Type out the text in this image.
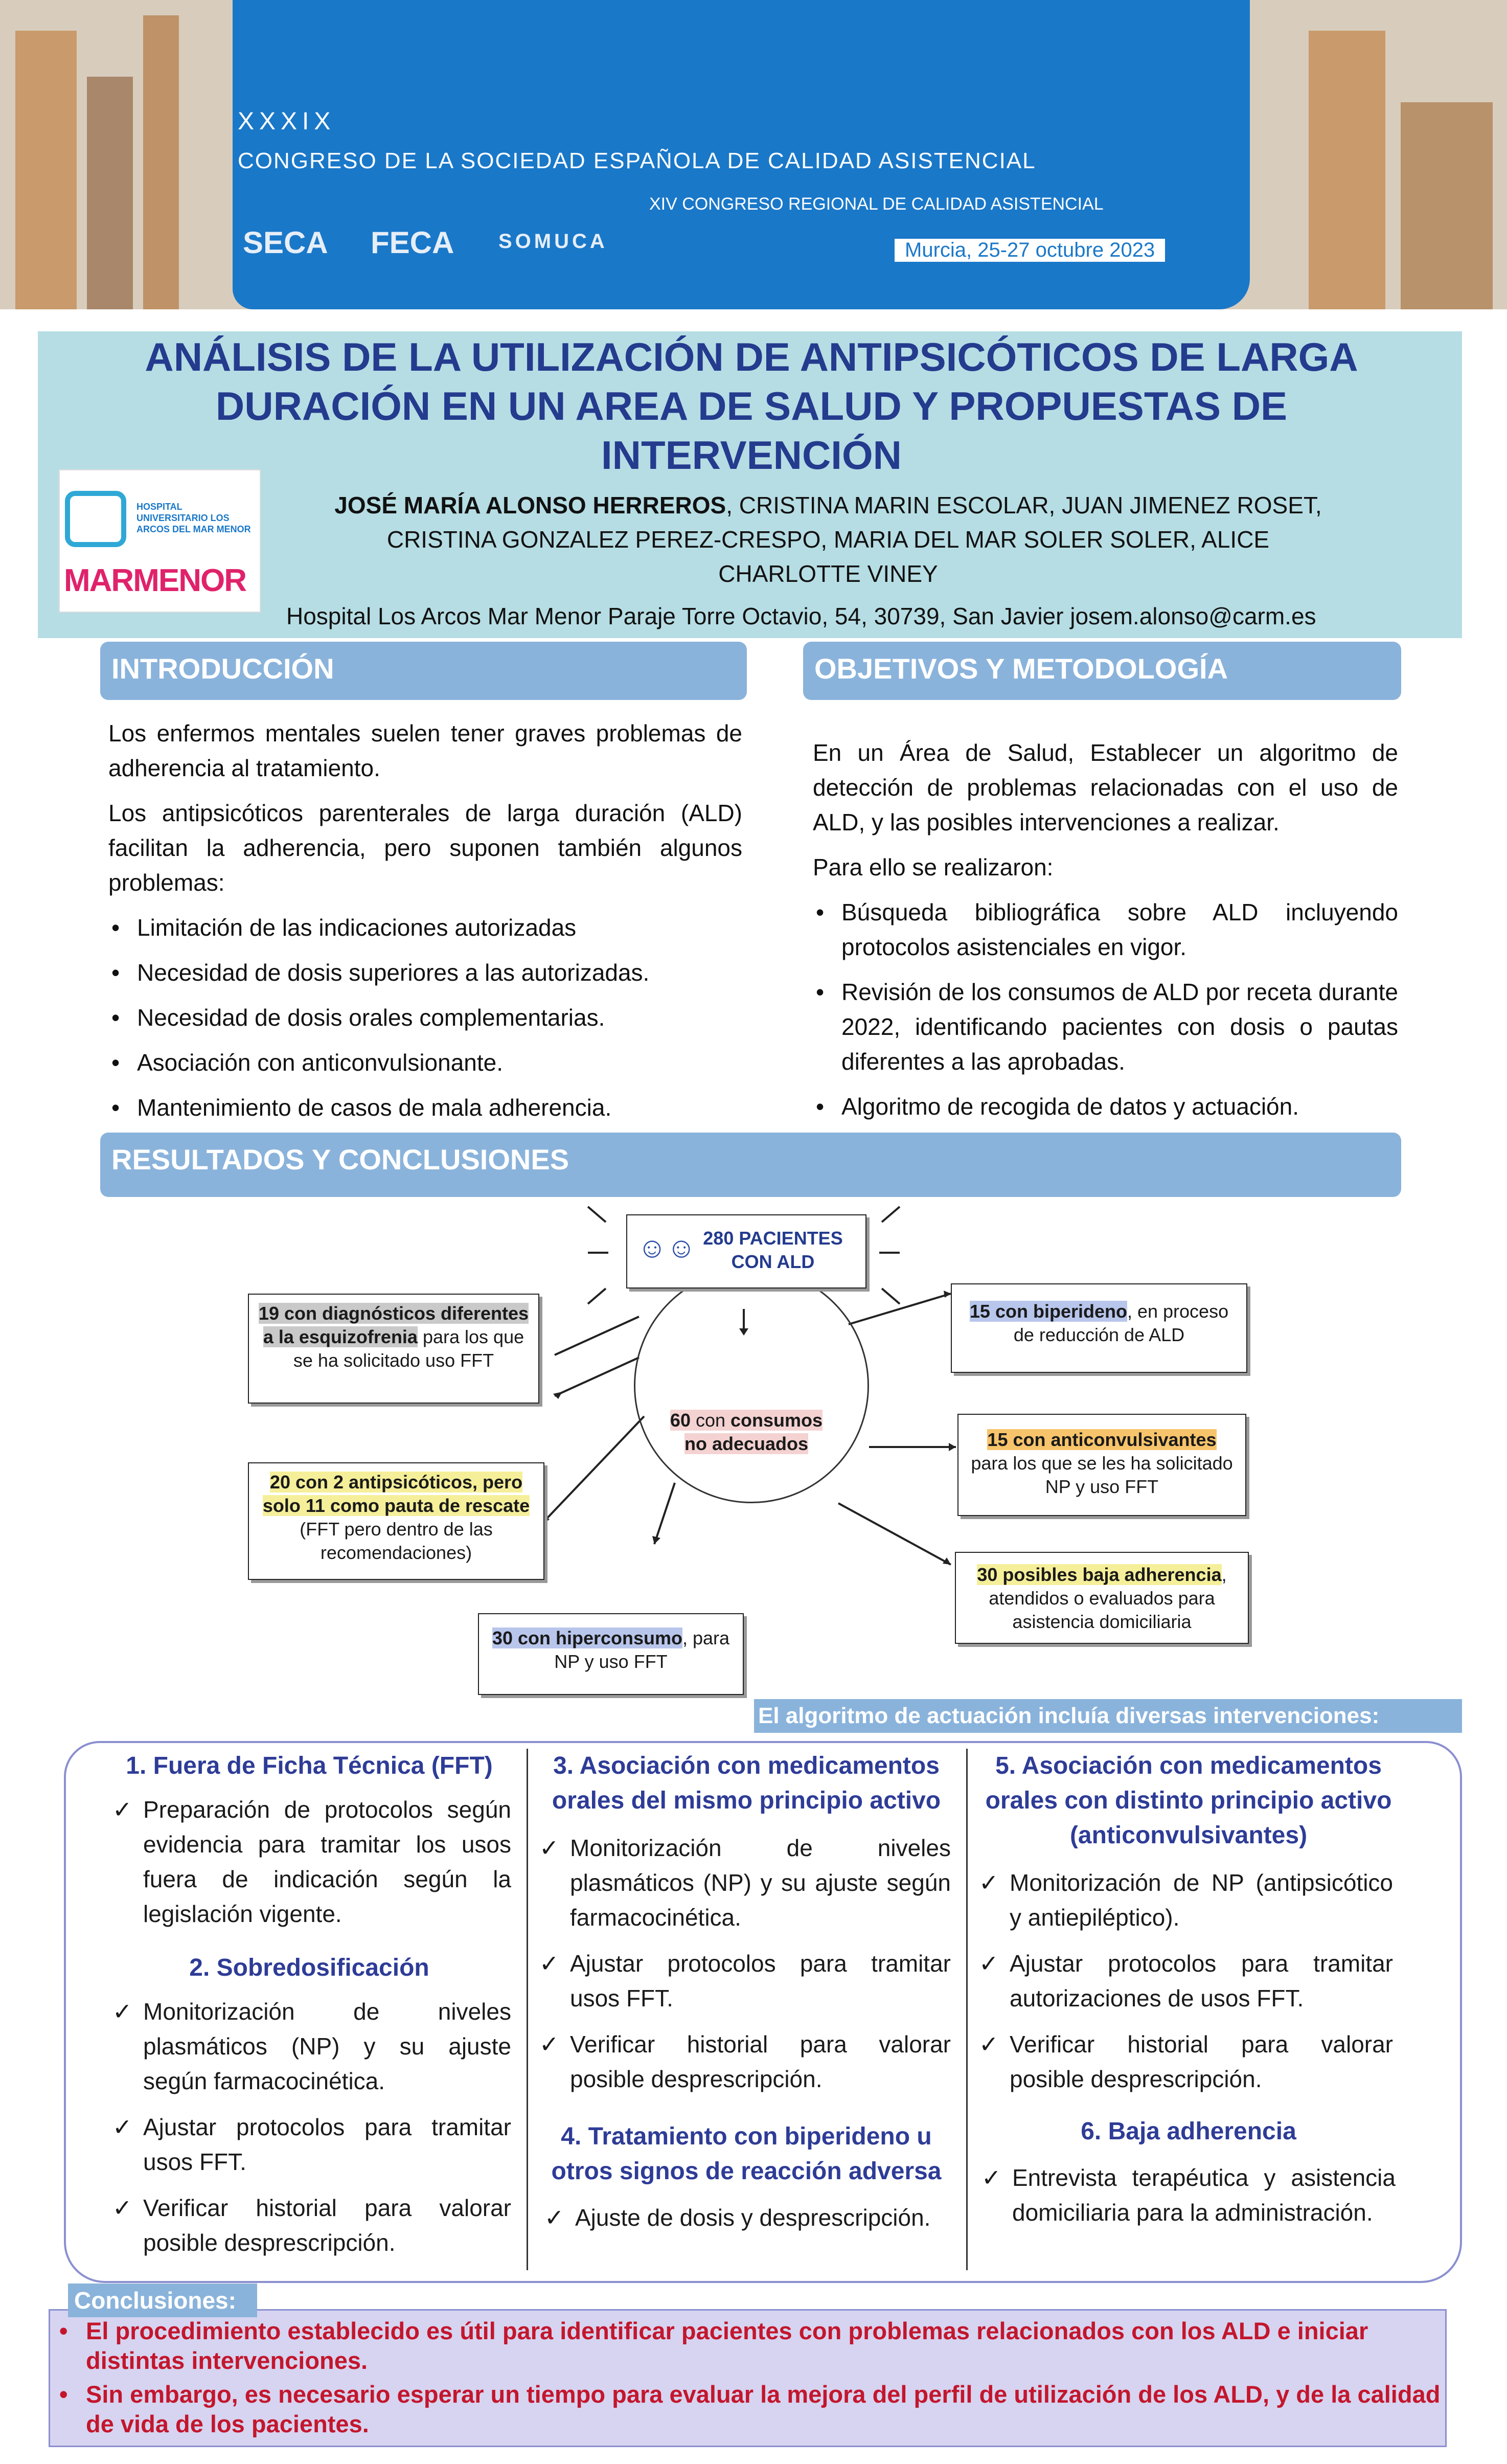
la Calidad Asistencial,
pilar de la sostenibilidad
XXXIX
CONGRESO DE LA SOCIEDAD ESPAÑOLA DE CALIDAD ASISTENCIAL
XIV CONGRESO REGIONAL DE CALIDAD ASISTENCIAL
Murcia, 25-27 octubre 2023
SECA FECA SOMUCA
ANÁLISIS DE LA UTILIZACIÓN DE ANTIPSICÓTICOS DE LARGA
DURACIÓN EN UN AREA DE SALUD Y PROPUESTAS DE
INTERVENCIÓN
HOSPITAL UNIVERSITARIO LOS ARCOS DEL MAR MENOR
MARMENOR
JOSÉ MARÍA ALONSO HERREROS, CRISTINA MARIN ESCOLAR, JUAN JIMENEZ ROSET,
CRISTINA GONZALEZ PEREZ-CRESPO, MARIA DEL MAR SOLER SOLER, ALICE
CHARLOTTE VINEY
Hospital Los Arcos Mar Menor Paraje Torre Octavio, 54, 30739, San Javier josem.alonso@carm.es
INTRODUCCIÓN

Los enfermos mentales suelen tener graves problemas de adherencia al tratamiento.

Los antipsicóticos parenterales de larga duración (ALD) facilitan la adherencia, pero suponen también algunos problemas:

• Limitación de las indicaciones autorizadas
• Necesidad de dosis superiores a las autorizadas.
• Necesidad de dosis orales complementarias.
• Asociación con anticonvulsionante.
• Mantenimiento de casos de mala adherencia.
OBJETIVOS Y METODOLOGÍA

En un Área de Salud, Establecer un algoritmo de detección de problemas relacionadas con el uso de ALD, y las posibles intervenciones a realizar.

Para ello se realizaron:

• Búsqueda bibliográfica sobre ALD incluyendo protocolos asistenciales en vigor.
• Revisión de los consumos de ALD por receta durante 2022, identificando pacientes con dosis o pautas diferentes a las aprobadas.
• Algoritmo de recogida de datos y actuación.
RESULTADOS Y CONCLUSIONES
60 con consumos no adecuados
☺☺ 280 PACIENTES CON ALD
19 con diagnósticos diferentes a la esquizofrenia para los que se ha solicitado uso FFT
20 con 2 antipsicóticos, pero solo 11 como pauta de rescate (FFT pero dentro de las recomendaciones)
30 con hiperconsumo, para NP y uso FFT
15 con biperideno, en proceso de reducción de ALD
15 con anticonvulsivantes para los que se les ha solicitado NP y uso FFT
30 posibles baja adherencia, atendidos o evaluados para asistencia domiciliaria
El algoritmo de actuación incluía diversas intervenciones:
1. Fuera de Ficha Técnica (FFT)
✓ Preparación de protocolos según evidencia para tramitar los usos fuera de indicación según la legislación vigente.
2. Sobredosificación
✓ Monitorización de niveles plasmáticos (NP) y su ajuste según farmacocinética.
✓ Ajustar protocolos para tramitar usos FFT.
✓ Verificar historial para valorar posible desprescripción.
3. Asociación con medicamentos orales del mismo principio activo
✓ Monitorización de niveles plasmáticos (NP) y su ajuste según farmacocinética.
✓ Ajustar protocolos para tramitar usos FFT.
✓ Verificar historial para valorar posible desprescripción.
4. Tratamiento con biperideno u otros signos de reacción adversa
✓ Ajuste de dosis y desprescripción.
5. Asociación con medicamentos orales con distinto principio activo (anticonvulsivantes)
✓ Monitorización de NP (antipsicótico y antiepiléptico).
✓ Ajustar protocolos para tramitar autorizaciones de usos FFT.
✓ Verificar historial para valorar posible desprescripción.
6. Baja adherencia
✓ Entrevista terapéutica y asistencia domiciliaria para la administración.
Conclusiones:
• El procedimiento establecido es útil para identificar pacientes con problemas relacionados con los ALD e iniciar distintas intervenciones.
• Sin embargo, es necesario esperar un tiempo para evaluar la mejora del perfil de utilización de los ALD, y de la calidad de vida de los pacientes.
